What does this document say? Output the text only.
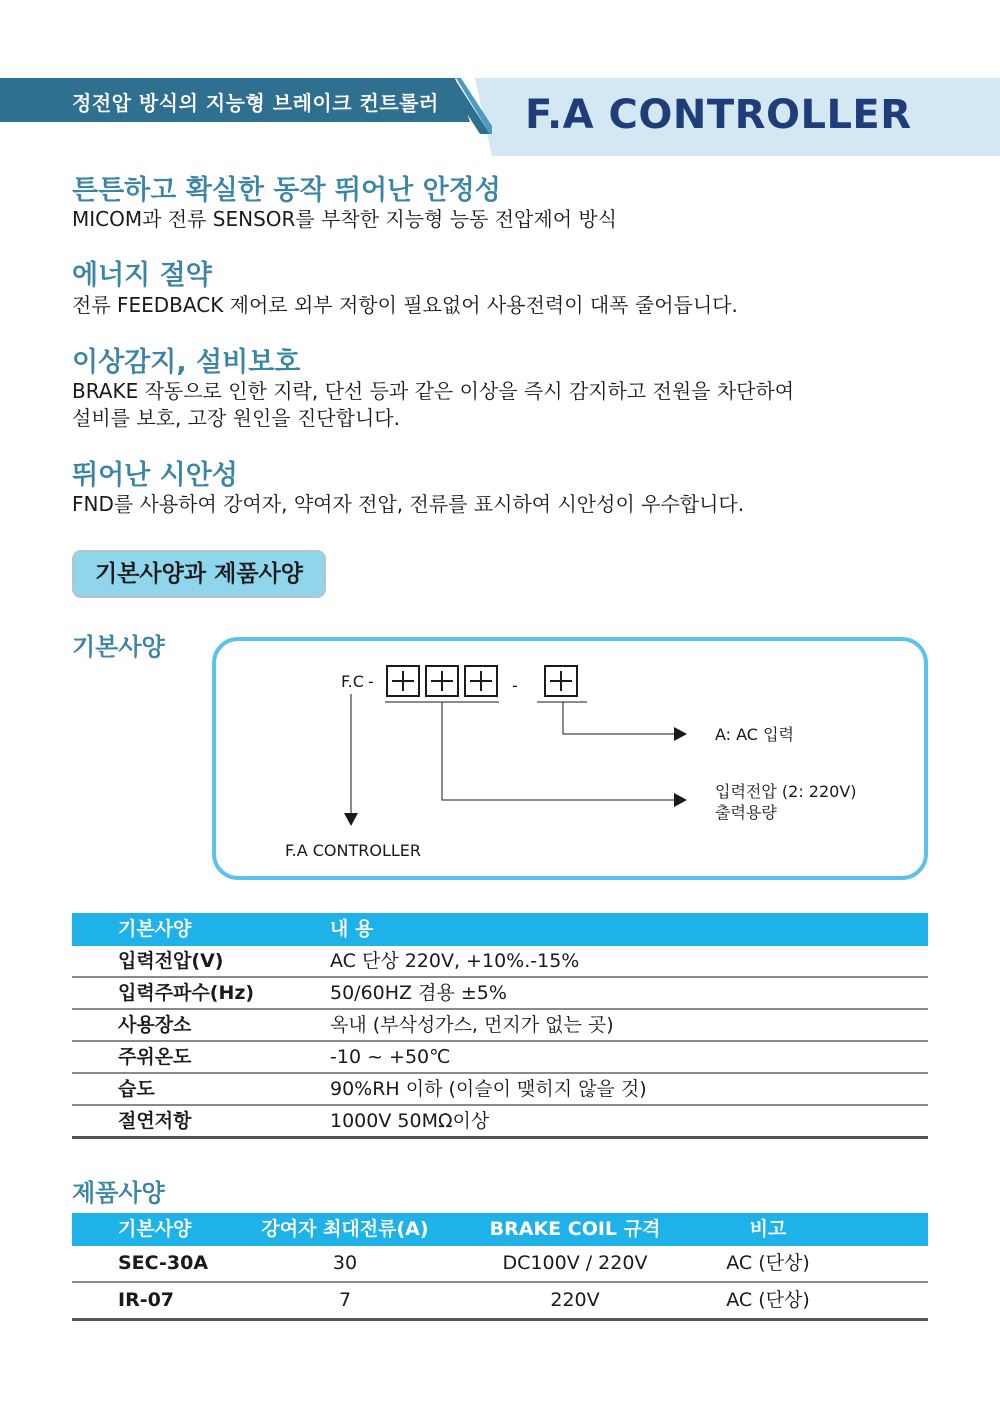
정전압 방식의 지능형 브레이크 컨트롤러 F.A CONTROLLER
튼튼하고 확실한 동작 뛰어난 안정성
MICOM과 전류 SENSOR를 부착한 지능형 능동 전압제어 방식
에너지 절약
전류 FEEDBACK 제어로 외부 저항이 필요없어 사용전력이 대폭 줄어듭니다.
이상감지, 설비보호
BRAKE 작동으로 인한 지락, 단선 등과 같은 이상을 즉시 감지하고 전원을 차단하여
설비를 보호, 고장 원인을 진단합니다.
뛰어난 시안성
FND를 사용하여 강여자, 약여자 전압, 전류를 표시하여 시안성이 우수합니다.
기본사양과 제품사양
기본사양
F.C -	-
A: AC 입력
입력전압 (2: 220V)
출력용량
F.A CONTROLLER
기본사양	내 용
입력전압(V)	AC 단상 220V, +10%.-15%
입력주파수(Hz)	50/60HZ 겸용 ±5%
사용장소	옥내 (부삭성가스, 먼지가 없는 곳)
주위온도	-10 ~ +50℃
습도	90%RH 이하 (이슬이 맺히지 않을 것)
절연저항	1000V 50MΩ이상
제품사양
기본사양	강여자 최대전류(A)	BRAKE COIL 규격	비고
SEC-30A	30	DC100V / 220V	AC (단상)
IR-07	7	220V	AC (단상)
